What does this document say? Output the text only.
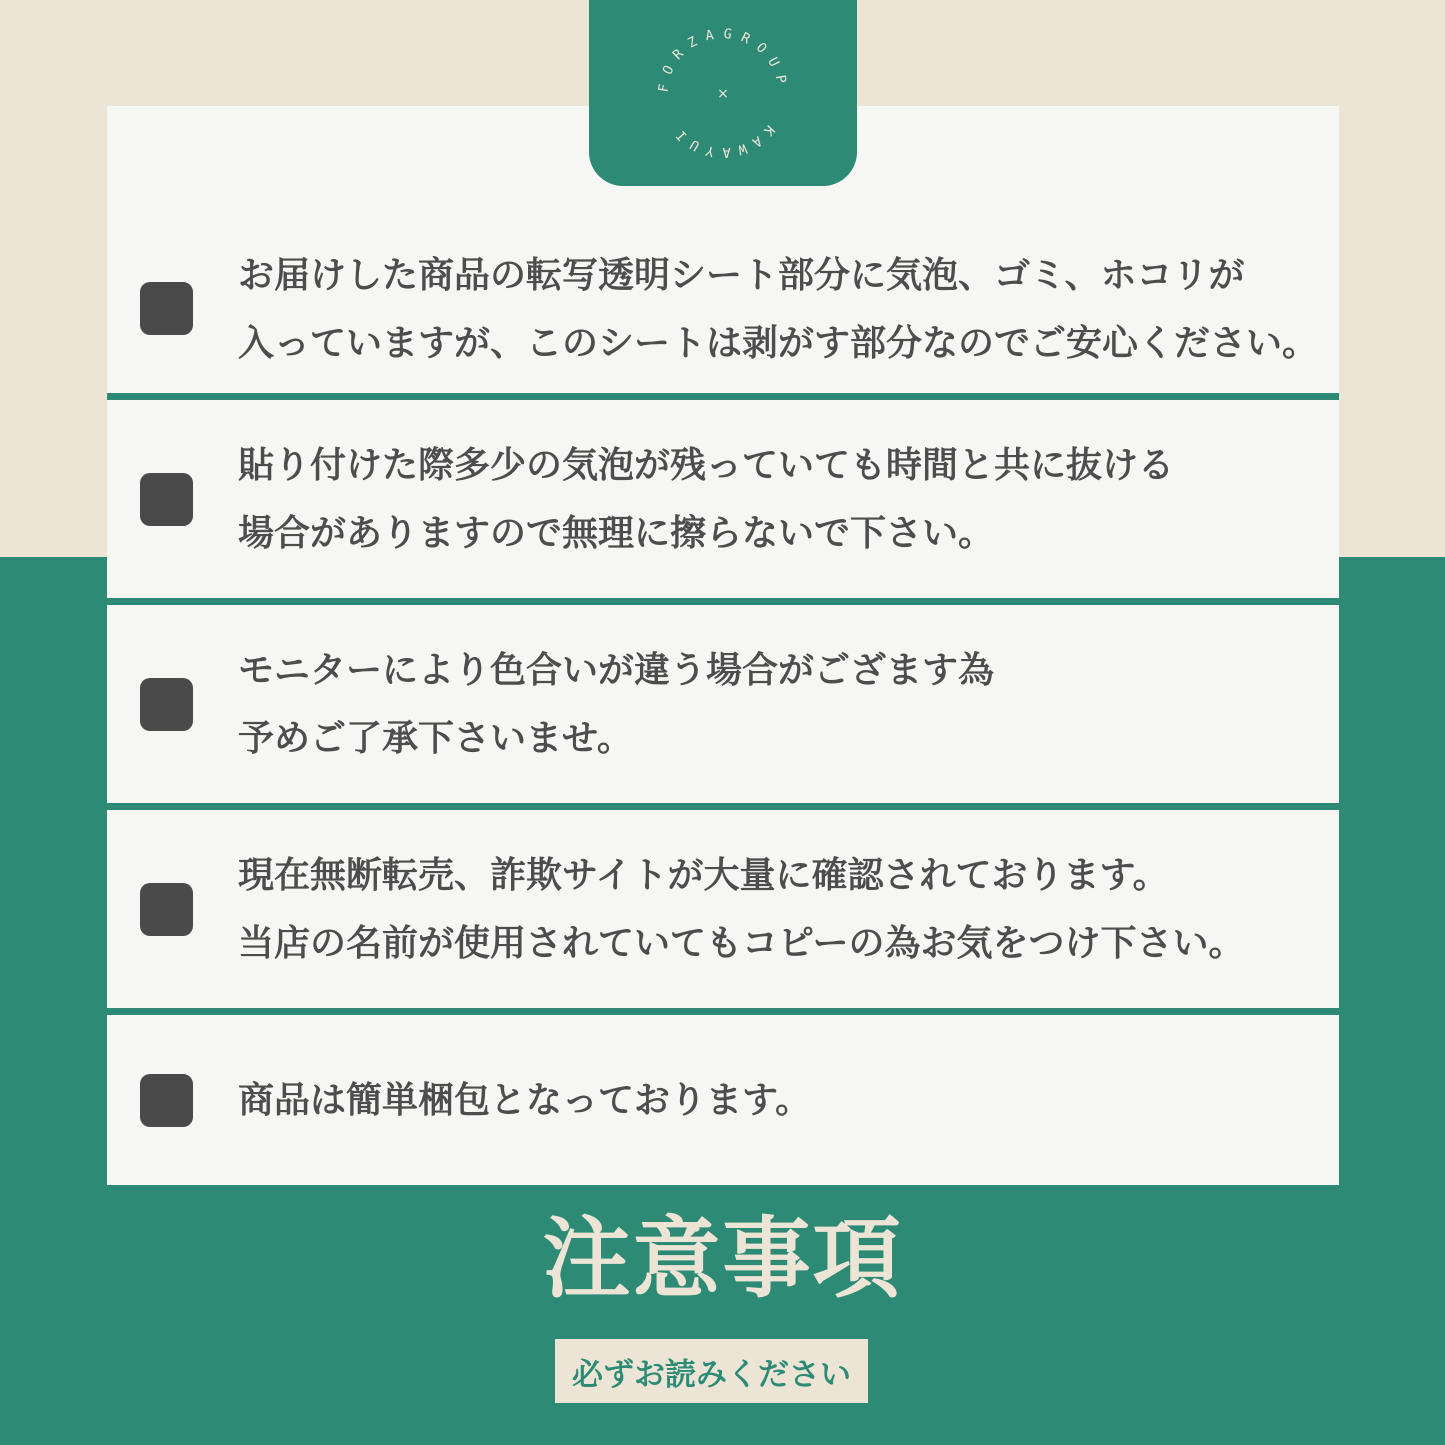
お届けした商品の転写透明シート部分に気泡、ゴミ、ホコリが
入っていますが、このシートは剥がす部分なのでご安心ください。
貼り付けた際多少の気泡が残っていても時間と共に抜ける
場合がありますので無理に擦らないで下さい。
モニターにより色合いが違う場合がござます為
予めご了承下さいませ。
現在無断転売、詐欺サイトが大量に確認されております。
当店の名前が使用されていてもコピーの為お気をつけ下さい。
商品は簡単梱包となっております。
FORZAGROUP
KAWAYUI
×
注意事項
必ずお読みください
